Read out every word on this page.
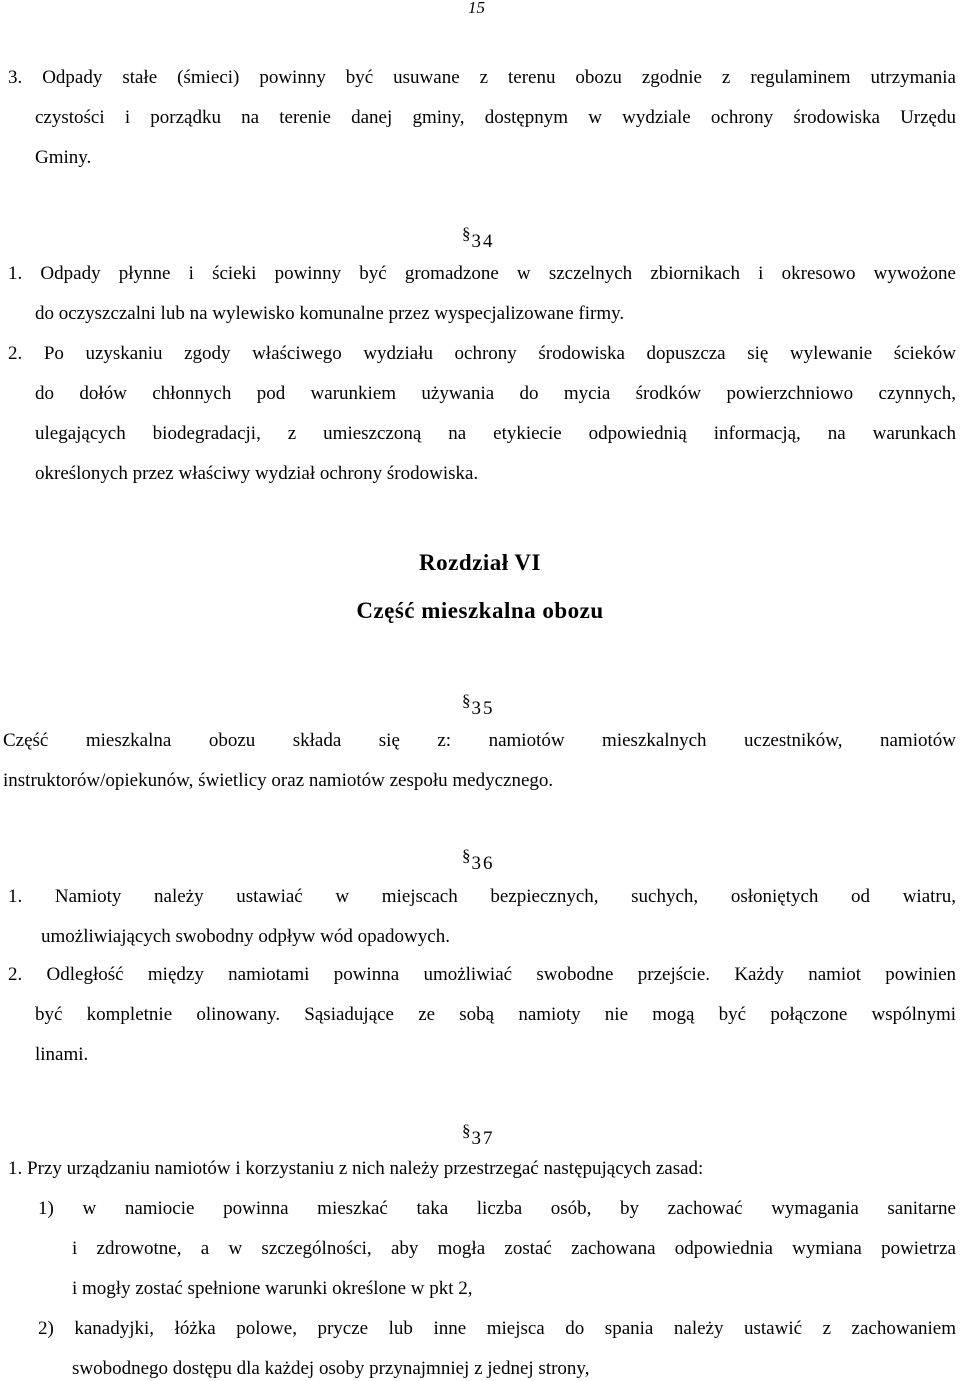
15
3. Odpady stałe (śmieci) powinny być usuwane z terenu obozu zgodnie z regulaminem utrzymania
czystości i porządku na terenie danej gminy, dostępnym w wydziale ochrony środowiska Urzędu
Gminy.
§34
1. Odpady płynne i ścieki powinny być gromadzone w szczelnych zbiornikach i okresowo wywożone
do oczyszczalni lub na wylewisko komunalne przez wyspecjalizowane firmy.
2. Po uzyskaniu zgody właściwego wydziału ochrony środowiska dopuszcza się wylewanie ścieków
do dołów chłonnych pod warunkiem używania do mycia środków powierzchniowo czynnych,
ulegających biodegradacji, z umieszczoną na etykiecie odpowiednią informacją, na warunkach
określonych przez właściwy wydział ochrony środowiska.
Rozdział VI
Część mieszkalna obozu
§35
Część mieszkalna obozu składa się z: namiotów mieszkalnych uczestników, namiotów
instruktorów/opiekunów, świetlicy oraz namiotów zespołu medycznego.
§36
1. Namioty należy ustawiać w miejscach bezpiecznych, suchych, osłoniętych od wiatru,
umożliwiających swobodny odpływ wód opadowych.
2. Odległość między namiotami powinna umożliwiać swobodne przejście. Każdy namiot powinien
być kompletnie olinowany. Sąsiadujące ze sobą namioty nie mogą być połączone wspólnymi
linami.
§37
1. Przy urządzaniu namiotów i korzystaniu z nich należy przestrzegać następujących zasad:
1) w namiocie powinna mieszkać taka liczba osób, by zachować wymagania sanitarne
i zdrowotne, a w szczególności, aby mogła zostać zachowana odpowiednia wymiana powietrza
i mogły zostać spełnione warunki określone w pkt 2,
2) kanadyjki, łóżka polowe, prycze lub inne miejsca do spania należy ustawić z zachowaniem
swobodnego dostępu dla każdej osoby przynajmniej z jednej strony,
